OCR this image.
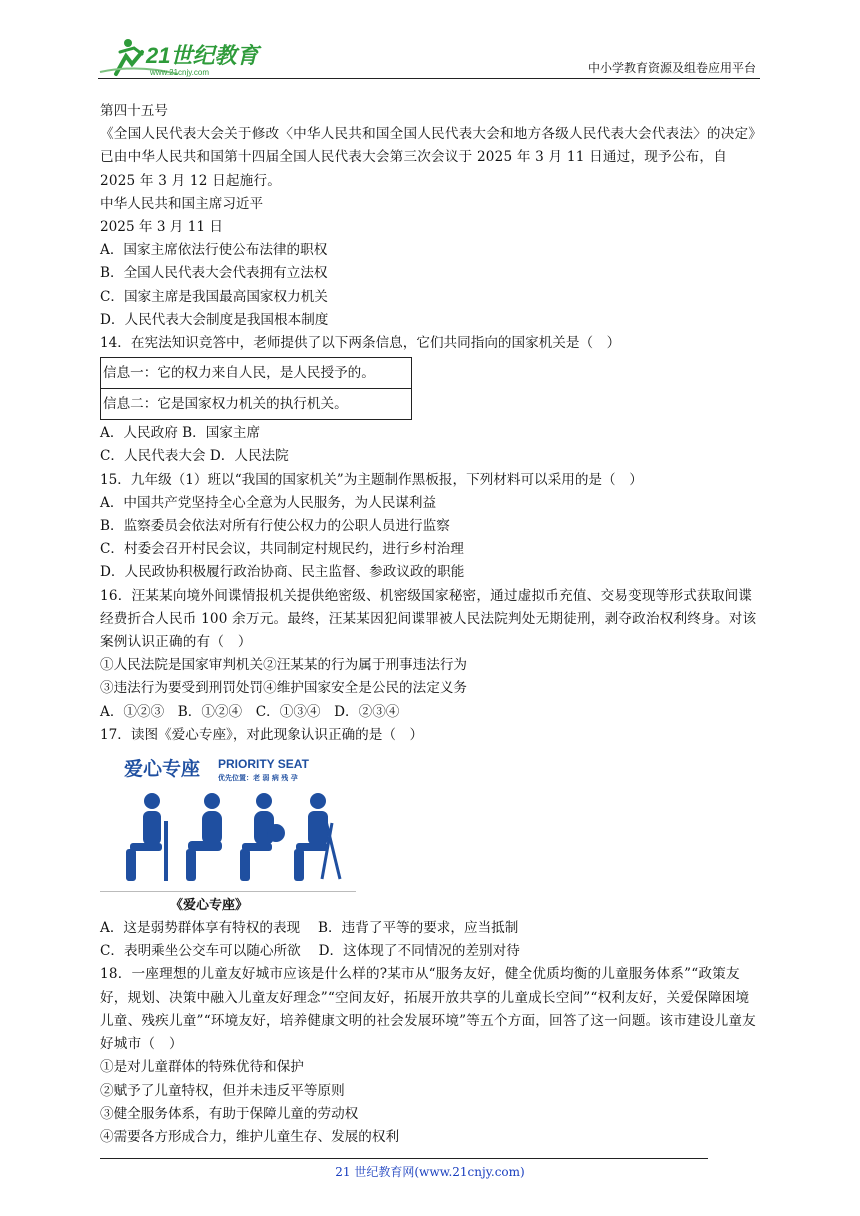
21世纪教育
www.21cnjy.com	中小学教育资源及组卷应用平台

第四十五号

《全国人民代表大会关于修改〈中华人民共和国全国人民代表大会和地方各级人民代表大会代表法〉的决定》已由中华人民共和国第十四届全国人民代表大会第三次会议于 2025 年 3 月 11 日通过，现予公布，自 2025 年 3 月 12 日起施行。

中华人民共和国主席习近平

2025 年 3 月 11 日

A．国家主席依法行使公布法律的职权

B．全国人民代表大会代表拥有立法权

C．国家主席是我国最高国家权力机关

D．人民代表大会制度是我国根本制度

14．在宪法知识竞答中，老师提供了以下两条信息，它们共同指向的国家机关是（　）

信息一：它的权力来自人民，是人民授予的。
信息二：它是国家权力机关的执行机关。

A．人民政府 B．国家主席

C．人民代表大会 D．人民法院

15．九年级（1）班以“我国的国家机关”为主题制作黑板报，下列材料可以采用的是（　）

A．中国共产党坚持全心全意为人民服务，为人民谋利益

B．监察委员会依法对所有行使公权力的公职人员进行监察

C．村委会召开村民会议，共同制定村规民约，进行乡村治理

D．人民政协积极履行政治协商、民主监督、参政议政的职能

16．汪某某向境外间谍情报机关提供绝密级、机密级国家秘密，通过虚拟币充值、交易变现等形式获取间谍经费折合人民币 100 余万元。最终，汪某某因犯间谍罪被人民法院判处无期徒刑，剥夺政治权利终身。对该案例认识正确的有（　）

①人民法院是国家审判机关②汪某某的行为属于刑事违法行为

③违法行为要受到刑罚处罚④维护国家安全是公民的法定义务

A．①②③　B．①②④　C．①③④　D．②③④

17．读图《爱心专座》，对此现象认识正确的是（　）

爱心专座 PRIORITY SEAT
优先位置：老 弱 病 残 孕
《爱心专座》

A．这是弱势群体享有特权的表现　 B．违背了平等的要求，应当抵制

C．表明乘坐公交车可以随心所欲　 D．这体现了不同情况的差别对待

18．一座理想的儿童友好城市应该是什么样的?某市从“服务友好，健全优质均衡的儿童服务体系”“政策友好，规划、决策中融入儿童友好理念”“空间友好，拓展开放共享的儿童成长空间”“权利友好，关爱保障困境儿童、残疾儿童”“环境友好，培养健康文明的社会发展环境”等五个方面，回答了这一问题。该市建设儿童友好城市（　）

①是对儿童群体的特殊优待和保护

②赋予了儿童特权，但并未违反平等原则

③健全服务体系，有助于保障儿童的劳动权

④需要各方形成合力，维护儿童生存、发展的权利

21 世纪教育网(www.21cnjy.com)
